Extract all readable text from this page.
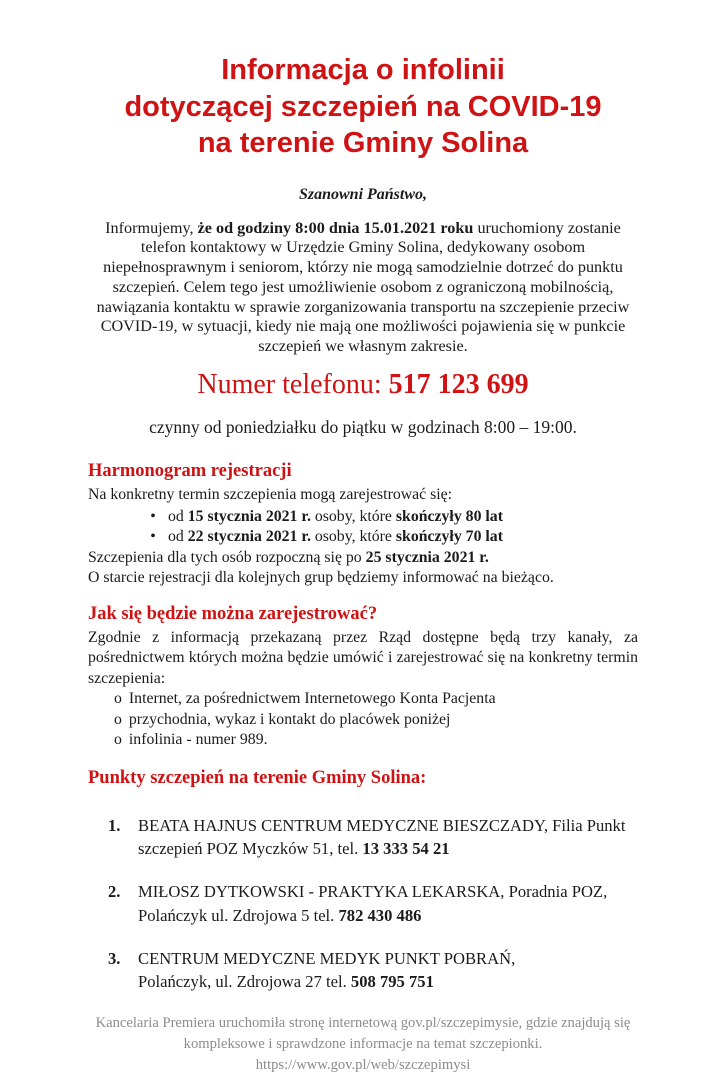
Informacja o infolinii
dotyczącej szczepień na COVID-19
na terenie Gminy Solina
Szanowni Państwo,

Informujemy, że od godziny 8:00 dnia 15.01.2021 roku uruchomiony zostanie telefon kontaktowy w Urzędzie Gminy Solina, dedykowany osobom niepełnosprawnym i seniorom, którzy nie mogą samodzielnie dotrzeć do punktu szczepień. Celem tego jest umożliwienie osobom z ograniczoną mobilnością, nawiązania kontaktu w sprawie zorganizowania transportu na szczepienie przeciw COVID-19, w sytuacji, kiedy nie mają one możliwości pojawienia się w punkcie szczepień we własnym zakresie.

Numer telefonu: 517 123 699
czynny od poniedziałku do piątku w godzinach 8:00 – 19:00.
Harmonogram rejestracji
Na konkretny termin szczepienia mogą zarejestrować się:
• od 15 stycznia 2021 r. osoby, które skończyły 80 lat
• od 22 stycznia 2021 r. osoby, które skończyły 70 lat
Szczepienia dla tych osób rozpoczną się po 25 stycznia 2021 r.
O starcie rejestracji dla kolejnych grup będziemy informować na bieżąco.
Jak się będzie można zarejestrować?

Zgodnie z informacją przekazaną przez Rząd dostępne będą trzy kanały, za pośrednictwem których można będzie umówić i zarejestrować się na konkretny termin szczepienia:

o Internet, za pośrednictwem Internetowego Konta Pacjenta
o przychodnia, wykaz i kontakt do placówek poniżej
o infolinia - numer 989.
Punkty szczepień na terenie Gminy Solina:
1.	BEATA HAJNUS CENTRUM MEDYCZNE BIESZCZADY, Filia Punkt
szczepień POZ Myczków 51, tel. 13 333 54 21
2.	MIŁOSZ DYTKOWSKI - PRAKTYKA LEKARSKA, Poradnia POZ,
Polańczyk ul. Zdrojowa 5 tel. 782 430 486
3.	CENTRUM MEDYCZNE MEDYK PUNKT POBRAŃ,
Polańczyk, ul. Zdrojowa 27 tel. 508 795 751
Kancelaria Premiera uruchomiła stronę internetową gov.pl/szczepimysie, gdzie znajdują się kompleksowe i sprawdzone informacje na temat szczepionki.
https://www.gov.pl/web/szczepimysi
